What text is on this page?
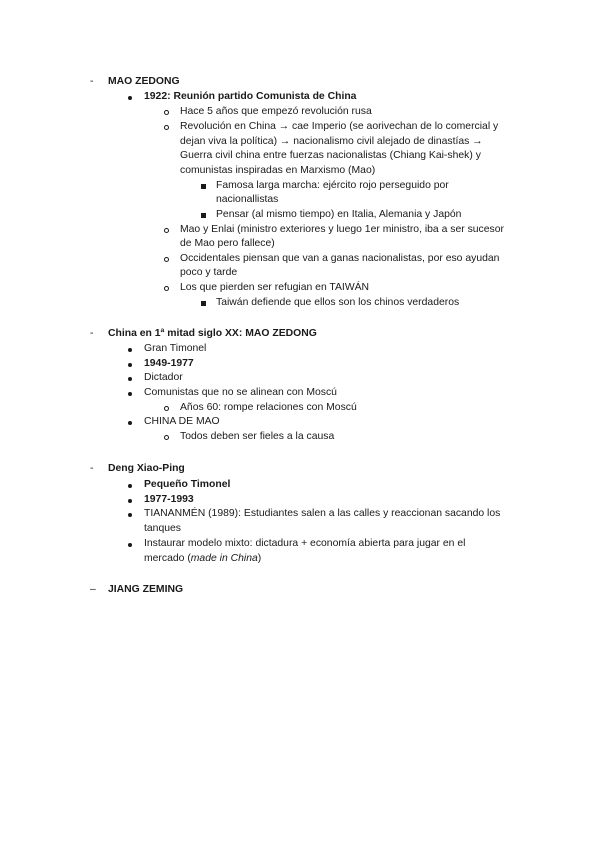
-	MAO ZEDONG
1922: Reunión partido Comunista de China
Hace 5 años que empezó revolución rusa
Revolución en China → cae Imperio (se aorivechan de lo comercial y
dejan viva la política) → nacionalismo civil alejado de dinastías →
Guerra civil china entre fuerzas nacionalistas (Chiang Kai-shek) y
comunistas inspiradas en Marxismo (Mao)
Famosa larga marcha: ejército rojo perseguido por
nacionallistas
Pensar (al mismo tiempo) en Italia, Alemania y Japón
Mao y Enlai (ministro exteriores y luego 1er ministro, iba a ser sucesor
de Mao pero fallece)
Occidentales piensan que van a ganas nacionalistas, por eso ayudan
poco y tarde
Los que pierden ser refugian en TAIWÁN
Taiwán defiende que ellos son los chinos verdaderos
-	China en 1ª mitad siglo XX: MAO ZEDONG
Gran Timonel
1949-1977
Dictador
Comunistas que no se alinean con Moscú
Años 60: rompe relaciones con Moscú
CHINA DE MAO
Todos deben ser fieles a la causa
-	Deng Xiao-Ping
Pequeño Timonel
1977-1993
TIANANMÉN (1989): Estudiantes salen a las calles y reaccionan sacando los
tanques
Instaurar modelo mixto: dictadura + economía abierta para jugar en el
mercado (made in China)
– JIANG ZEMING
